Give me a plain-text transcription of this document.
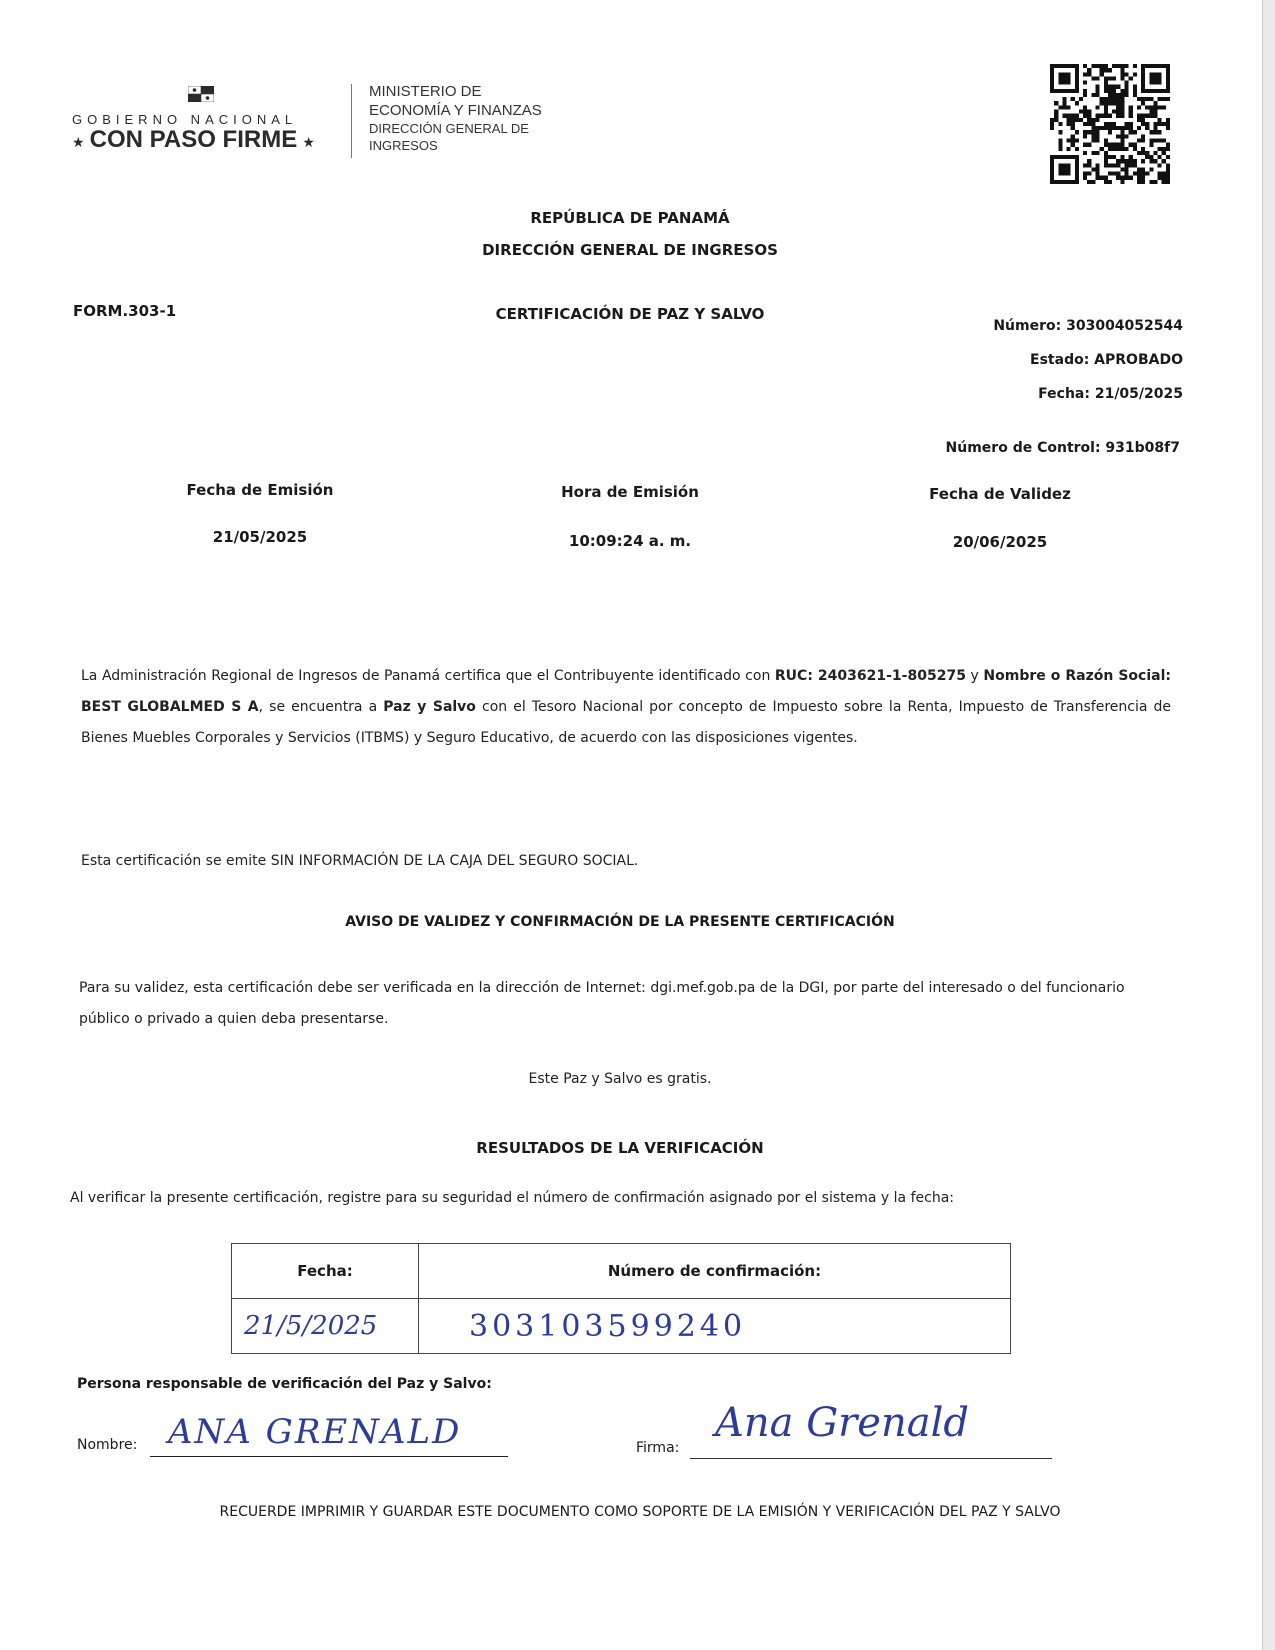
GOBIERNO NACIONAL
★ CON PASO FIRME ★
MINISTERIO DE
ECONOMÍA Y FINANZAS
DIRECCIÓN GENERAL DE
INGRESOS
REPÚBLICA DE PANAMÁ
DIRECCIÓN GENERAL DE INGRESOS
FORM.303-1	CERTIFICACIÓN DE PAZ Y SALVO
Número: 303004052544
Estado: APROBADO
Fecha: 21/05/2025
Número de Control: 931b08f7
Fecha de Emisión
21/05/2025
Hora de Emisión
10:09:24 a. m.
Fecha de Validez
20/06/2025
La Administración Regional de Ingresos de Panamá certifica que el Contribuyente identificado con RUC: 2403621-1-805275 y Nombre o Razón Social: BEST GLOBALMED S A, se encuentra a Paz y Salvo con el Tesoro Nacional por concepto de Impuesto sobre la Renta, Impuesto de Transferencia de Bienes Muebles Corporales y Servicios (ITBMS) y Seguro Educativo, de acuerdo con las disposiciones vigentes.
Esta certificación se emite SIN INFORMACIÓN DE LA CAJA DEL SEGURO SOCIAL.
AVISO DE VALIDEZ Y CONFIRMACIÓN DE LA PRESENTE CERTIFICACIÓN
Para su validez, esta certificación debe ser verificada en la dirección de Internet: dgi.mef.gob.pa de la DGI, por parte del interesado o del funcionario público o privado a quien deba presentarse.
Este Paz y Salvo es gratis.
RESULTADOS DE LA VERIFICACIÓN
Al verificar la presente certificación, registre para su seguridad el número de confirmación asignado por el sistema y la fecha:
Fecha:	Número de confirmación:
21/5/2025	303103599240
Persona responsable de verificación del Paz y Salvo:
Nombre: ANA GRENALD	Firma:
Ana Grenald
RECUERDE IMPRIMIR Y GUARDAR ESTE DOCUMENTO COMO SOPORTE DE LA EMISIÓN Y VERIFICACIÓN DEL PAZ Y SALVO
